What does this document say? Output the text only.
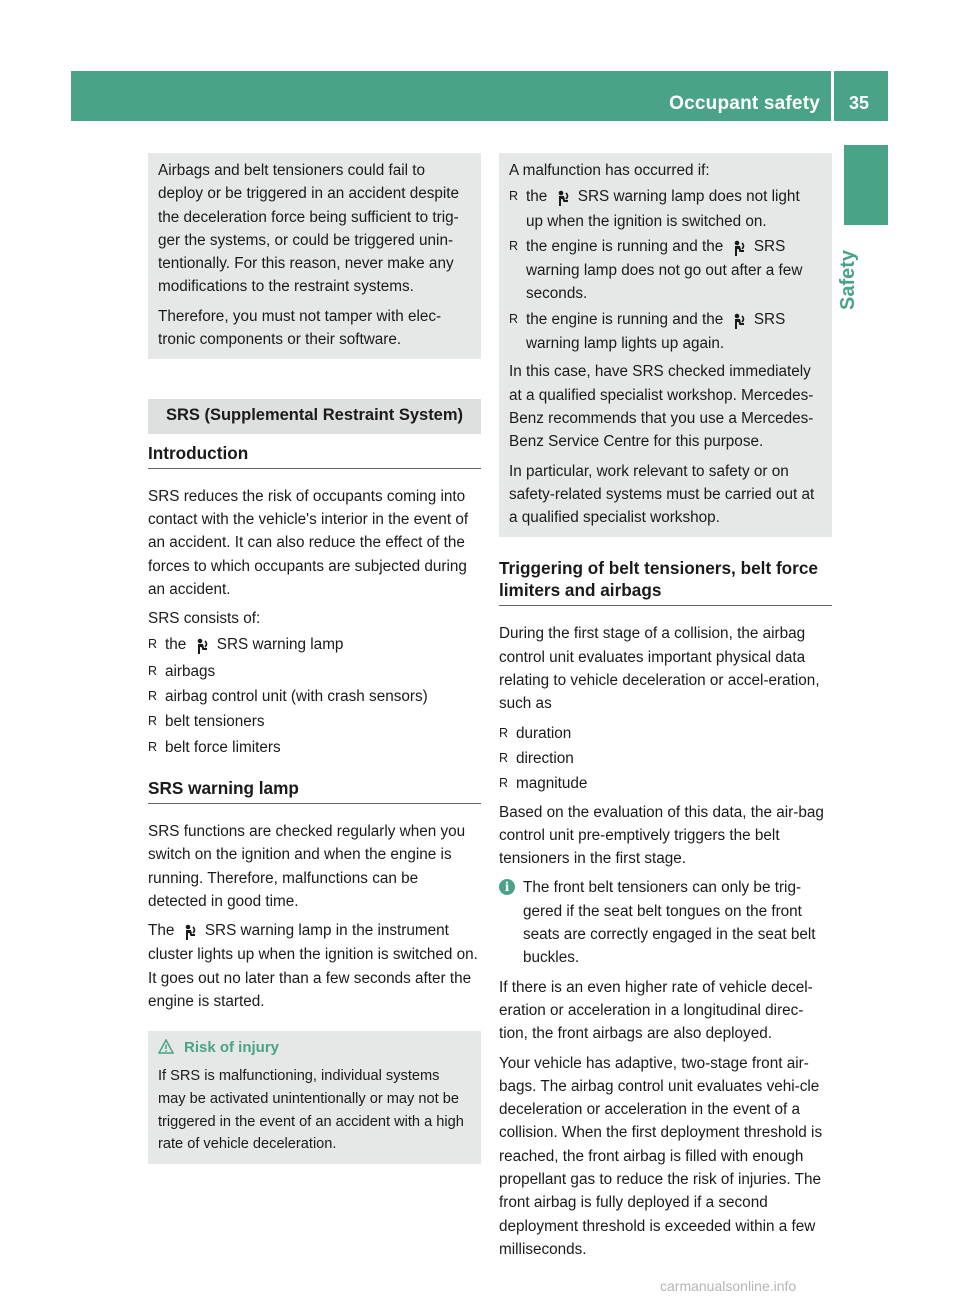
Occupant safety 35
Safety

Airbags and belt tensioners could fail to deploy or be triggered in an accident despite the deceleration force being sufficient to trig-ger the systems, or could be triggered unin-tentionally. For this reason, never make any modifications to the restraint systems.

Therefore, you must not tamper with elec-tronic components or their software.

SRS (Supplemental Restraint System)
Introduction

SRS reduces the risk of occupants coming into contact with the vehicle's interior in the event of an accident. It can also reduce the effect of the forces to which occupants are subjected during an accident.

SRS consists of:

R the SRS warning lamp
R airbags
R airbag control unit (with crash sensors)
R belt tensioners
R belt force limiters
SRS warning lamp

SRS functions are checked regularly when you switch on the ignition and when the engine is running. Therefore, malfunctions can be detected in good time.

The SRS warning lamp in the instrument cluster lights up when the ignition is switched on. It goes out no later than a few seconds after the engine is started.

Risk of injury

If SRS is malfunctioning, individual systems may be activated unintentionally or may not be triggered in the event of an accident with a high rate of vehicle deceleration.

A malfunction has occurred if:

R the SRS warning lamp does not light up when the ignition is switched on.
R the engine is running and the SRS warning lamp does not go out after a few seconds.
R the engine is running and the SRS warning lamp lights up again.

In this case, have SRS checked immediately at a qualified specialist workshop. Mercedes-Benz recommends that you use a Mercedes-Benz Service Centre for this purpose.

In particular, work relevant to safety or on safety-related systems must be carried out at a qualified specialist workshop.

Triggering of belt tensioners, belt force limiters and airbags

During the first stage of a collision, the airbag control unit evaluates important physical data relating to vehicle deceleration or accel-eration, such as

R duration
R direction
R magnitude

Based on the evaluation of this data, the air-bag control unit pre-emptively triggers the belt tensioners in the first stage.

i The front belt tensioners can only be trig-gered if the seat belt tongues on the front seats are correctly engaged in the seat belt buckles.

If there is an even higher rate of vehicle decel-eration or acceleration in a longitudinal direc-tion, the front airbags are also deployed.

Your vehicle has adaptive, two-stage front air-bags. The airbag control unit evaluates vehi-cle deceleration or acceleration in the event of a collision. When the first deployment threshold is reached, the front airbag is filled with enough propellant gas to reduce the risk of injuries. The front airbag is fully deployed if a second deployment threshold is exceeded within a few milliseconds.

carmanualsonline.info
